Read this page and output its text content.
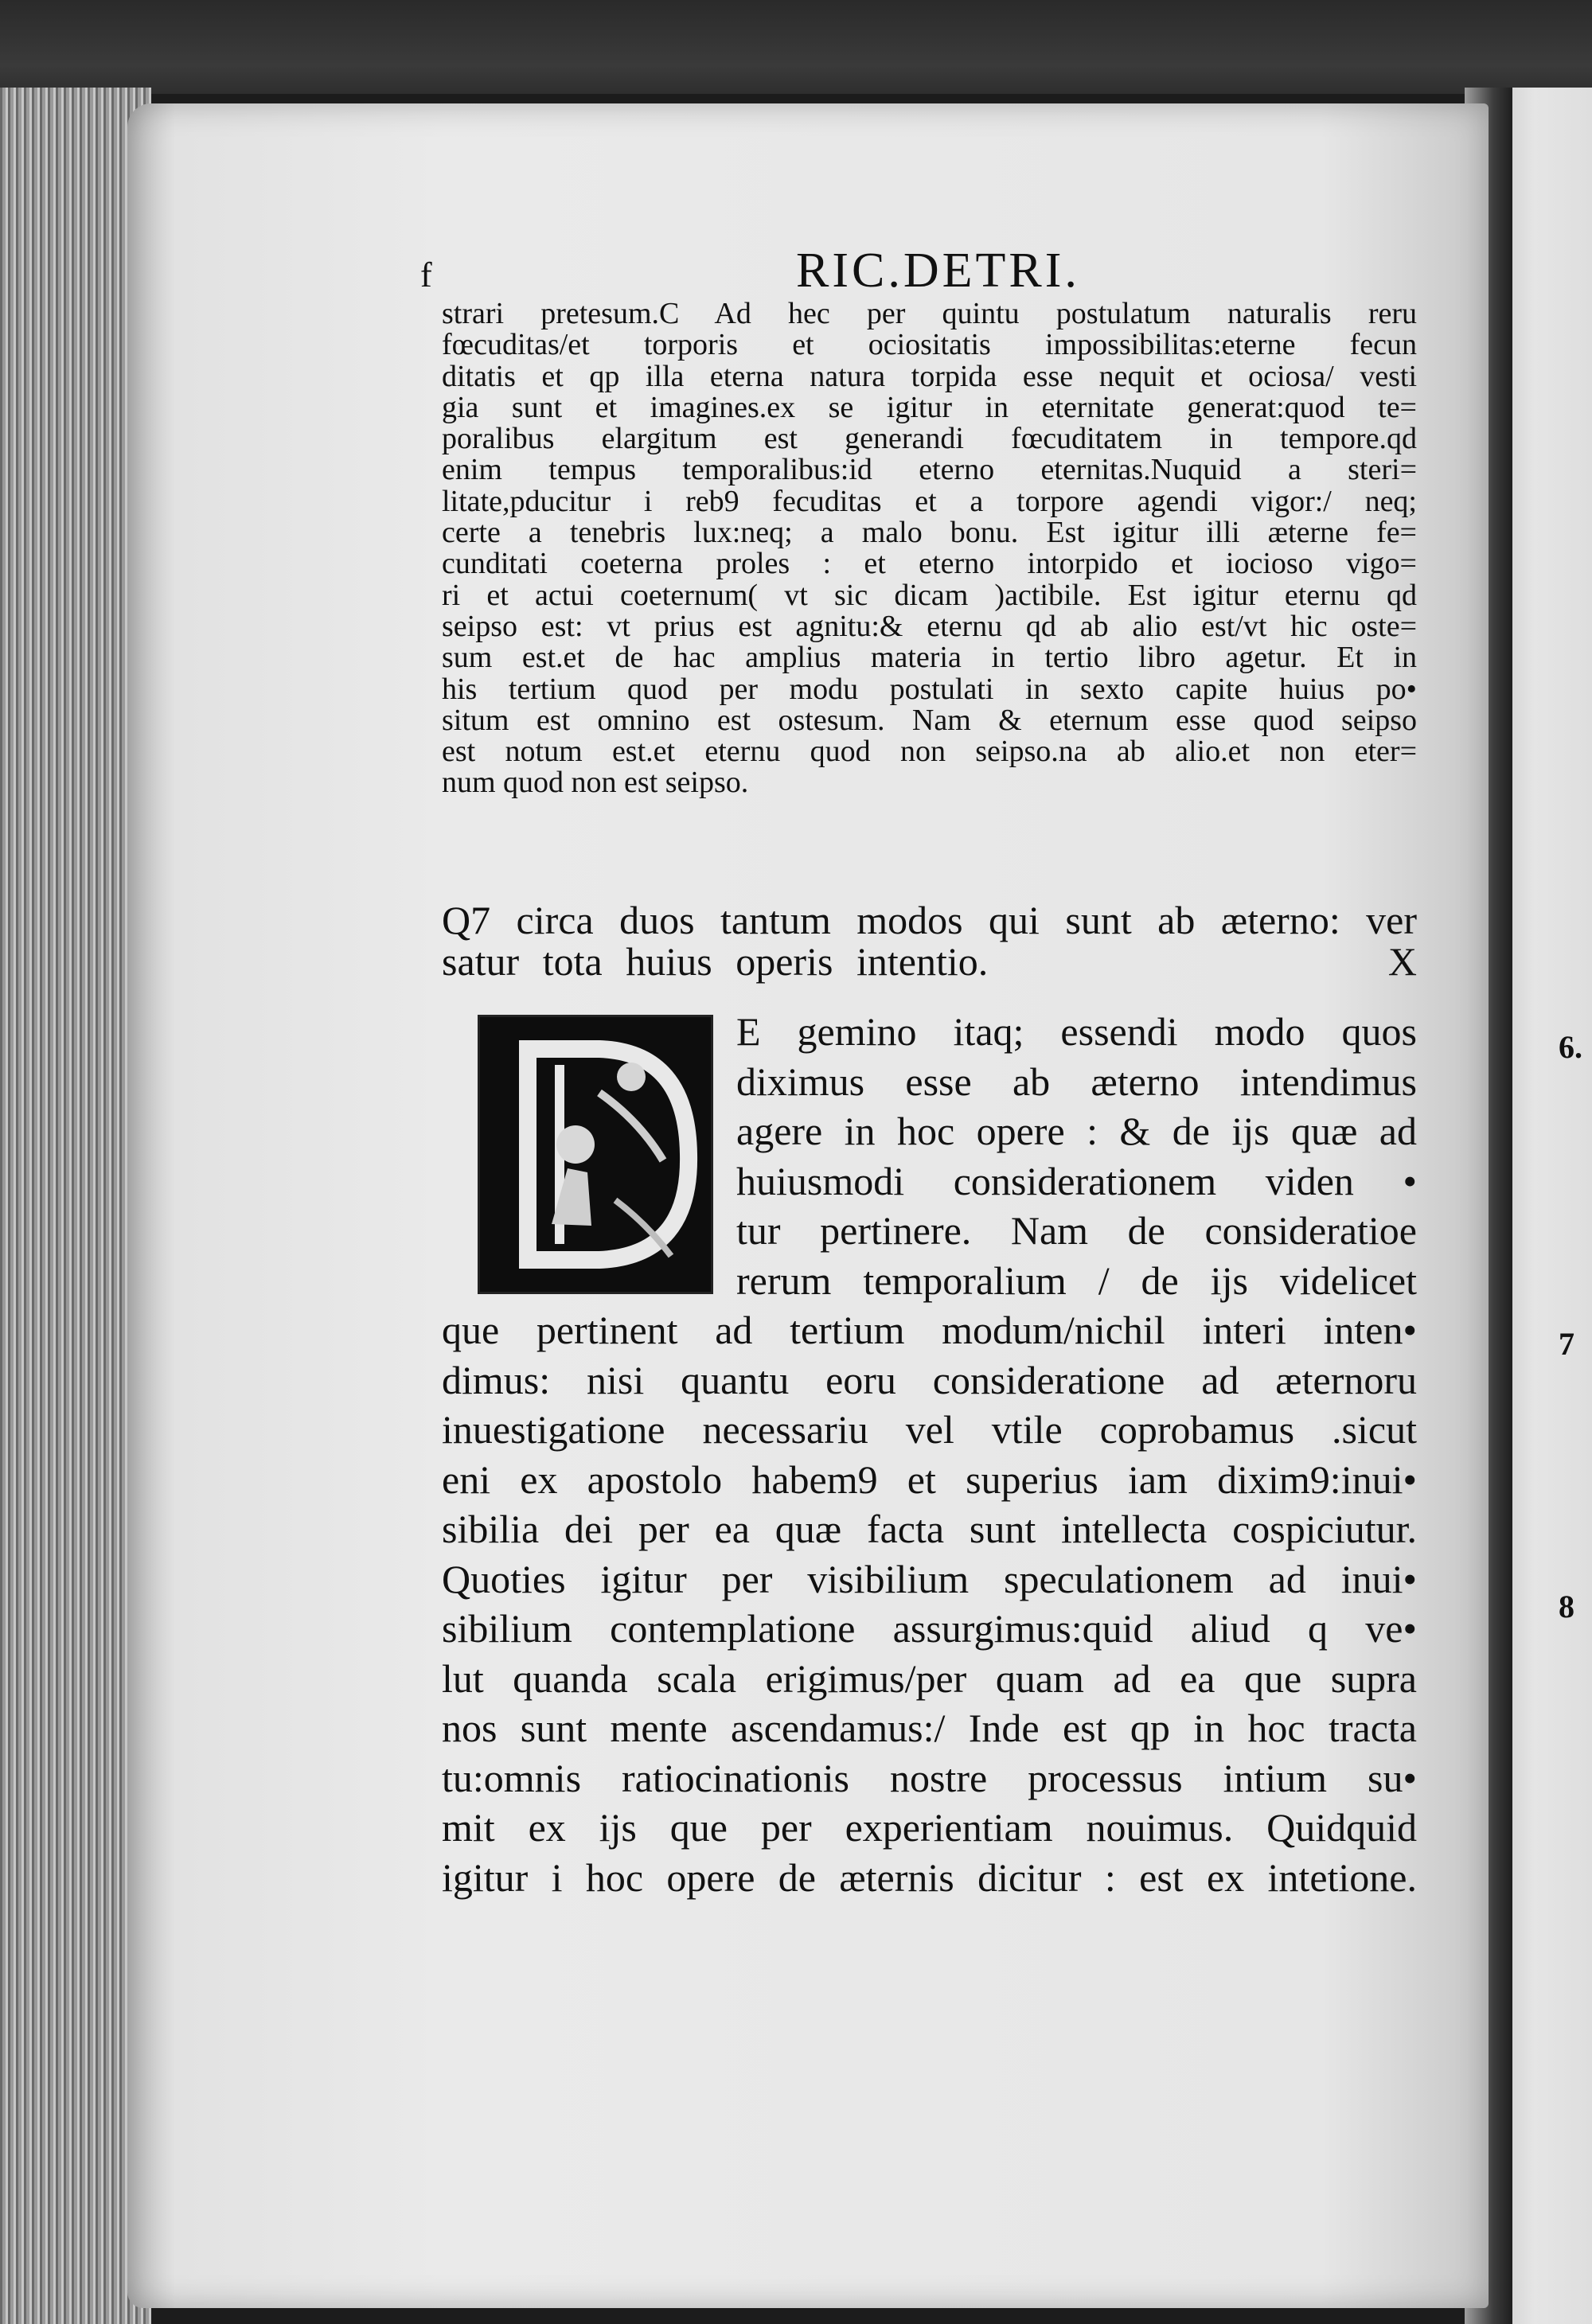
f	RIC.DETRI.
strari pretesum.C Ad hec per quintu postulatum naturalis reru
fœcuditas/et torporis et ociositatis impossibilitas:eterne fecun
ditatis et qp illa eterna natura torpida esse nequit et ociosa/ vesti
gia sunt et imagines.ex se igitur in eternitate generat:quod te=
poralibus elargitum est generandi fœcuditatem in tempore.qd
enim tempus temporalibus:id eterno eternitas.Nuquid a steri=
litate,pducitur i reb9 fecuditas et a torpore agendi vigor:/ neq;
certe a tenebris lux:neq; a malo bonu. Est igitur illi æterne fe=
cunditati coeterna proles : et eterno intorpido et iocioso vigo=
ri et actui coeternum( vt sic dicam )actibile. Est igitur eternu qd
seipso est: vt prius est agnitu:& eternu qd ab alio est/vt hic oste=
sum est.et de hac amplius materia in tertio libro agetur. Et in
his tertium quod per modu postulati in sexto capite huius po•
situm est omnino est ostesum. Nam & eternum esse quod seipso
est notum est.et eternu quod non seipso.na ab alio.et non eter=
num quod non est seipso.
Q7 circa duos tantum modos qui sunt ab æterno: ver
satur tota huius operis intentio.                 X
E gemino itaq; essendi modo quos
diximus esse ab æterno intendimus
agere in hoc opere : & de ijs quæ ad
huiusmodi considerationem viden •
tur pertinere. Nam de consideratioe
rerum temporalium / de ijs videlicet
que pertinent ad tertium modum/nichil interi inten•
dimus: nisi quantu eoru consideratione ad æternoru
inuestigatione necessariu vel vtile coprobamus .sicut
eni ex apostolo habem9 et superius iam dixim9:inui•
sibilia dei per ea quæ facta sunt intellecta cospiciutur.
Quoties igitur per visibilium speculationem ad inui•
sibilium contemplatione assurgimus:quid aliud q ve•
lut quanda scala erigimus/per quam ad ea que supra
nos sunt mente ascendamus:/ Inde est qp in hoc tracta
tu:omnis ratiocinationis nostre processus intium su•
mit ex ijs que per experientiam nouimus. Quidquid
igitur i hoc opere de æternis dicitur : est ex intetione.
6.
7
8
